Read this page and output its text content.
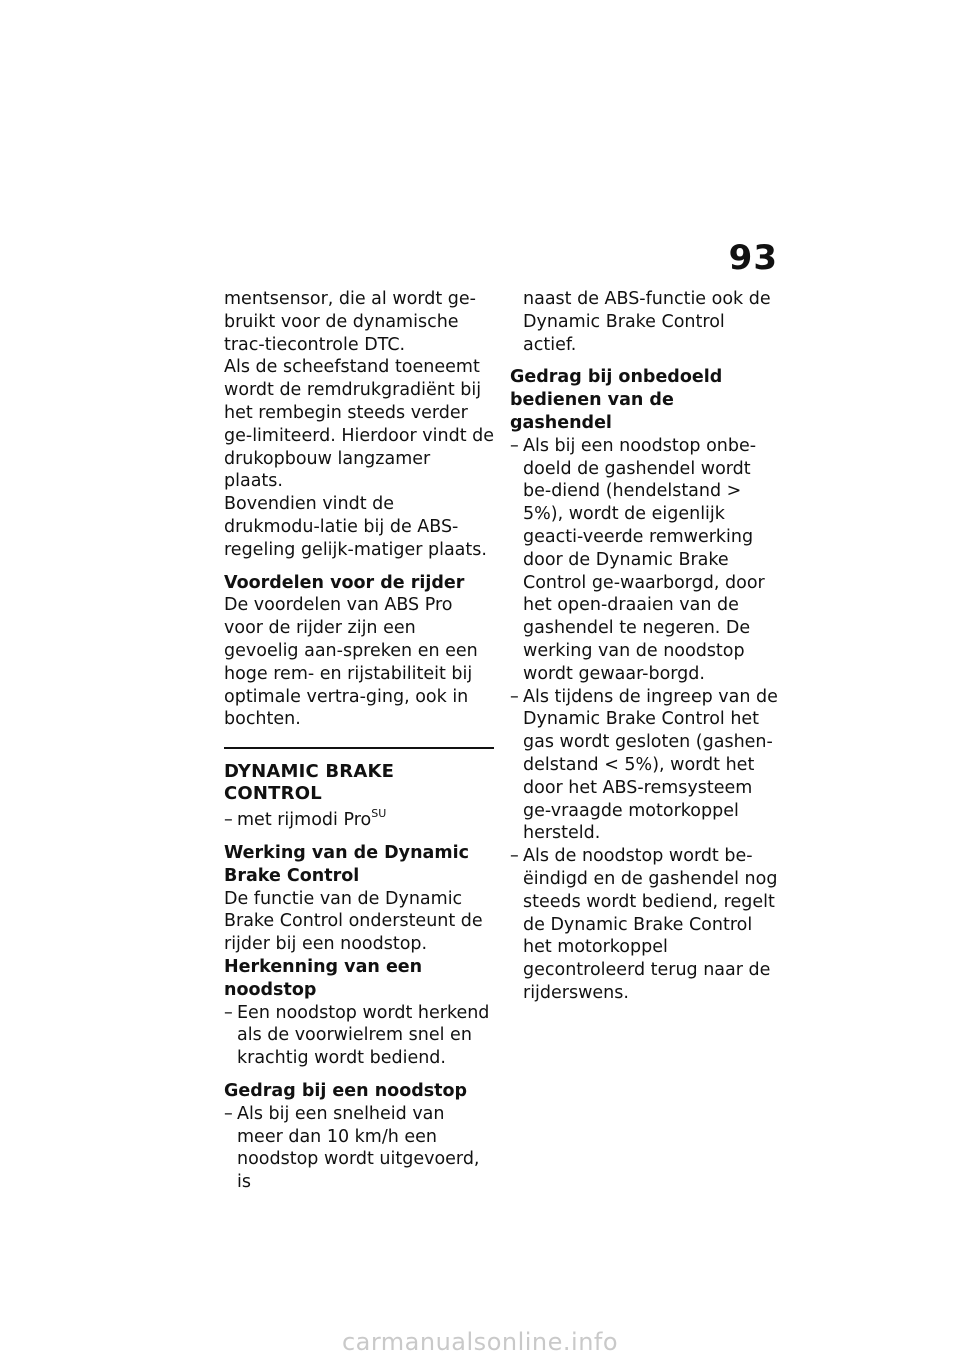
93

mentsensor, die al wordt ge-bruikt voor de dynamische trac-tiecontrole DTC.

Als de scheefstand toeneemt wordt de remdrukgradiënt bij het rembegin steeds verder ge-limiteerd. Hierdoor vindt de drukopbouw langzamer plaats.

Bovendien vindt de drukmodu-latie bij de ABS-regeling gelijk-matiger plaats.

Voordelen voor de rijder

De voordelen van ABS Pro voor de rijder zijn een gevoelig aan-spreken en een hoge rem- en rijstabiliteit bij optimale vertra-ging, ook in bochten.

DYNAMIC BRAKE CONTROL
– met rijmodi Pro$^{SU}$
Werking van de Dynamic Brake Control

De functie van de Dynamic Brake Control ondersteunt de rijder bij een noodstop.

Herkenning van een noodstop
– Een noodstop wordt herkend als de voorwielrem snel en krachtig wordt bediend.
Gedrag bij een noodstop
– Als bij een snelheid van meer dan 10 km/h een noodstop wordt uitgevoerd, is

naast de ABS-functie ook de Dynamic Brake Control actief.

Gedrag bij onbedoeld bedienen van de gashendel
– Als bij een noodstop onbe-doeld de gashendel wordt be-diend (hendelstand > 5%), wordt de eigenlijk geacti-veerde remwerking door de Dynamic Brake Control ge-waarborgd, door het open-draaien van de gashendel te negeren. De werking van de noodstop wordt gewaar-borgd.
– Als tijdens de ingreep van de Dynamic Brake Control het gas wordt gesloten (gashen-delstand < 5%), wordt het door het ABS-remsysteem ge-vraagde motorkoppel hersteld.
– Als de noodstop wordt be-ëindigd en de gashendel nog steeds wordt bediend, regelt de Dynamic Brake Control het motorkoppel gecontroleerd terug naar de rijderswens.
carmanualsonline.info
